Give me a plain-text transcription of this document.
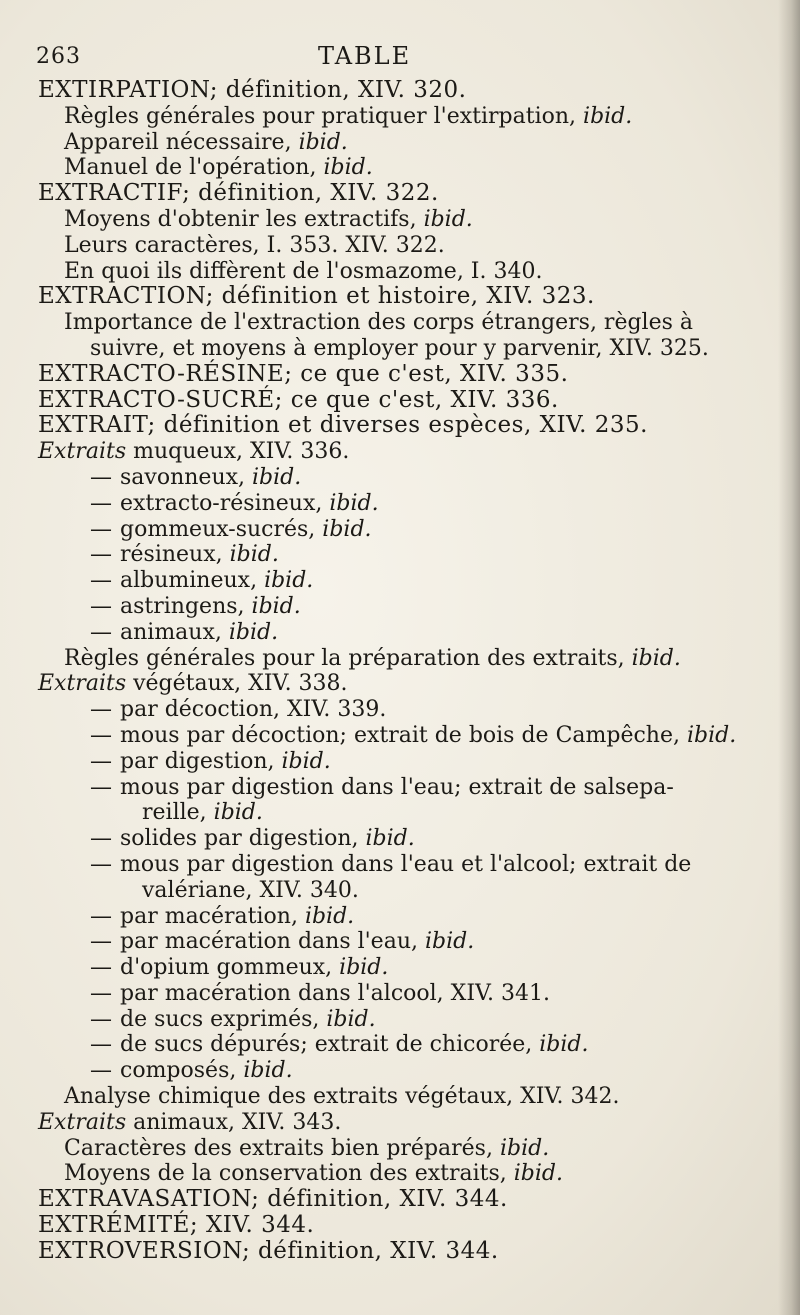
263	TABLE
EXTIRPATION; définition, XIV. 320.
Règles générales pour pratiquer l'extirpation, ibid.
Appareil nécessaire, ibid.
Manuel de l'opération, ibid.
EXTRACTIF; définition, XIV. 322.
Moyens d'obtenir les extractifs, ibid.
Leurs caractères, I. 353. XIV. 322.
En quoi ils diffèrent de l'osmazome, I. 340.
EXTRACTION; définition et histoire, XIV. 323.
Importance de l'extraction des corps étrangers, règles à
suivre, et moyens à employer pour y parvenir, XIV. 325.
EXTRACTO-RÉSINE; ce que c'est, XIV. 335.
EXTRACTO-SUCRÉ; ce que c'est, XIV. 336.
EXTRAIT; définition et diverses espèces, XIV. 235.
Extraits muqueux, XIV. 336.
— savonneux, ibid.
— extracto-résineux, ibid.
— gommeux-sucrés, ibid.
— résineux, ibid.
— albumineux, ibid.
— astringens, ibid.
— animaux, ibid.
Règles générales pour la préparation des extraits, ibid.
Extraits végétaux, XIV. 338.
— par décoction, XIV. 339.
— mous par décoction; extrait de bois de Campêche, ibid.
— par digestion, ibid.
— mous par digestion dans l'eau; extrait de salsepa-
reille, ibid.
— solides par digestion, ibid.
— mous par digestion dans l'eau et l'alcool; extrait de
valériane, XIV. 340.
— par macération, ibid.
— par macération dans l'eau, ibid.
— d'opium gommeux, ibid.
— par macération dans l'alcool, XIV. 341.
— de sucs exprimés, ibid.
— de sucs dépurés; extrait de chicorée, ibid.
— composés, ibid.
Analyse chimique des extraits végétaux, XIV. 342.
Extraits animaux, XIV. 343.
Caractères des extraits bien préparés, ibid.
Moyens de la conservation des extraits, ibid.
EXTRAVASATION; définition, XIV. 344.
EXTRÉMITÉ; XIV. 344.
EXTROVERSION; définition, XIV. 344.
